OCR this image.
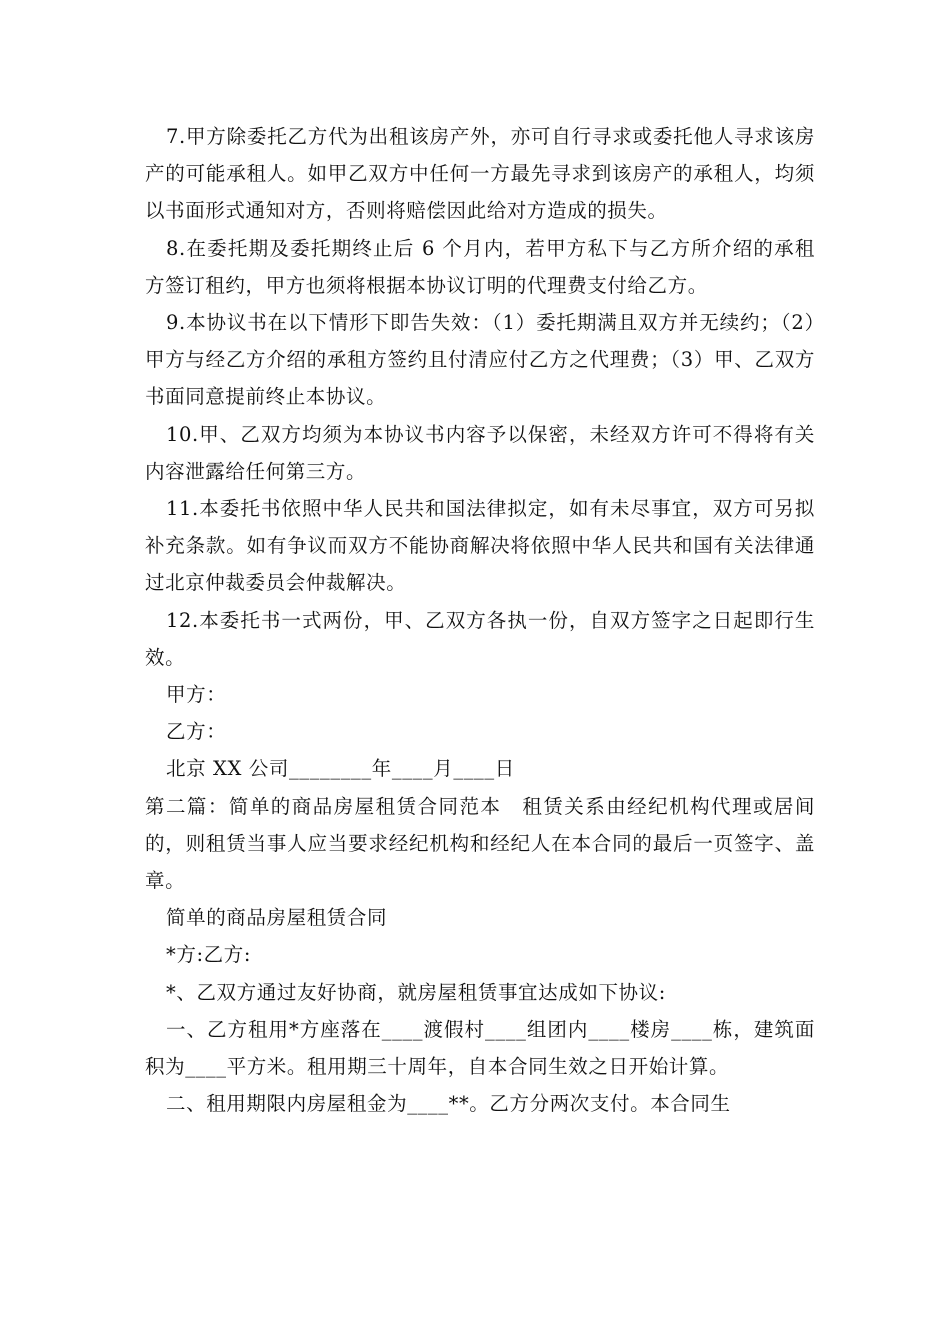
7.甲方除委托乙方代为出租该房产外，亦可自行寻求或委托他人寻求该房产的可能承租人。如甲乙双方中任何一方最先寻求到该房产的承租人，均须以书面形式通知对方，否则将赔偿因此给对方造成的损失。

8.在委托期及委托期终止后 6 个月内，若甲方私下与乙方所介绍的承租方签订租约，甲方也须将根据本协议订明的代理费支付给乙方。

9.本协议书在以下情形下即告失效：（1）委托期满且双方并无续约；（2）甲方与经乙方介绍的承租方签约且付清应付乙方之代理费；（3）甲、乙双方书面同意提前终止本协议。

10.甲、乙双方均须为本协议书内容予以保密，未经双方许可不得将有关内容泄露给任何第三方。

11.本委托书依照中华人民共和国法律拟定，如有未尽事宜，双方可另拟补充条款。如有争议而双方不能协商解决将依照中华人民共和国有关法律通过北京仲裁委员会仲裁解决。

12.本委托书一式两份，甲、乙双方各执一份，自双方签字之日起即行生效。

甲方：

乙方：

北京 XX 公司________年____月____日

第二篇：简单的商品房屋租赁合同范本　租赁关系由经纪机构代理或居间的，则租赁当事人应当要求经纪机构和经纪人在本合同的最后一页签字、盖章。

简单的商品房屋租赁合同

*方:乙方:

*、乙双方通过友好协商，就房屋租赁事宜达成如下协议:

一、乙方租用*方座落在____渡假村____组团内____楼房____栋，建筑面积为____平方米。租用期三十周年，自本合同生效之日开始计算。

二、租用期限内房屋租金为____**。乙方分两次支付。本合同生
